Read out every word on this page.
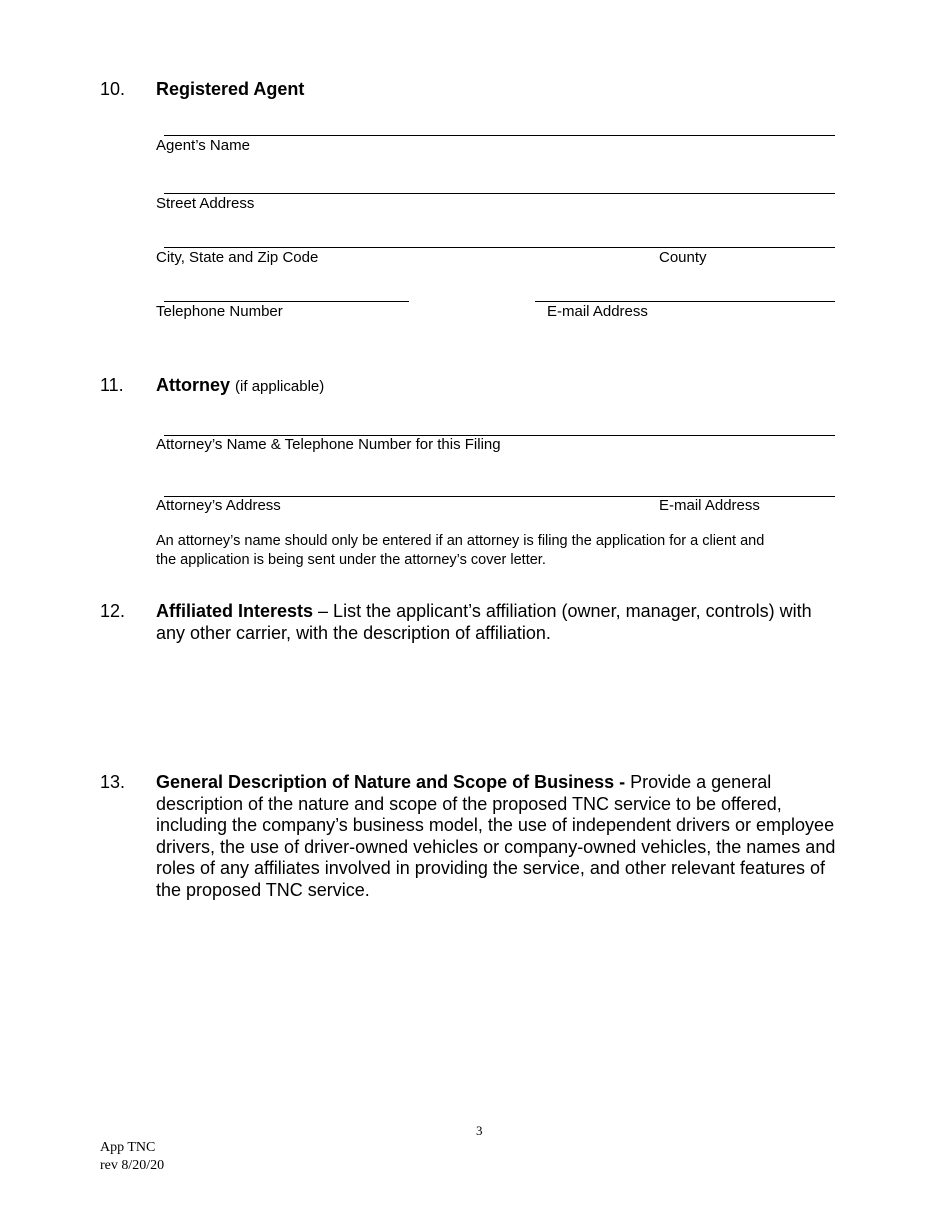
10. Registered Agent
Agent’s Name
Street Address
City, State and Zip Code	County
Telephone Number	E-mail Address
11. Attorney (if applicable)
Attorney’s Name & Telephone Number for this Filing
Attorney’s Address	E-mail Address
An attorney’s name should only be entered if an attorney is filing the application for a client and
the application is being sent under the attorney’s cover letter.
12. Affiliated Interests – List the applicant’s affiliation (owner, manager, controls) with
any other carrier, with the description of affiliation.
13. General Description of Nature and Scope of Business - Provide a general
description of the nature and scope of the proposed TNC service to be offered,
including the company’s business model, the use of independent drivers or employee
drivers, the use of driver-owned vehicles or company-owned vehicles, the names and
roles of any affiliates involved in providing the service, and other relevant features of
the proposed TNC service.
3
App TNC
rev 8/20/20
